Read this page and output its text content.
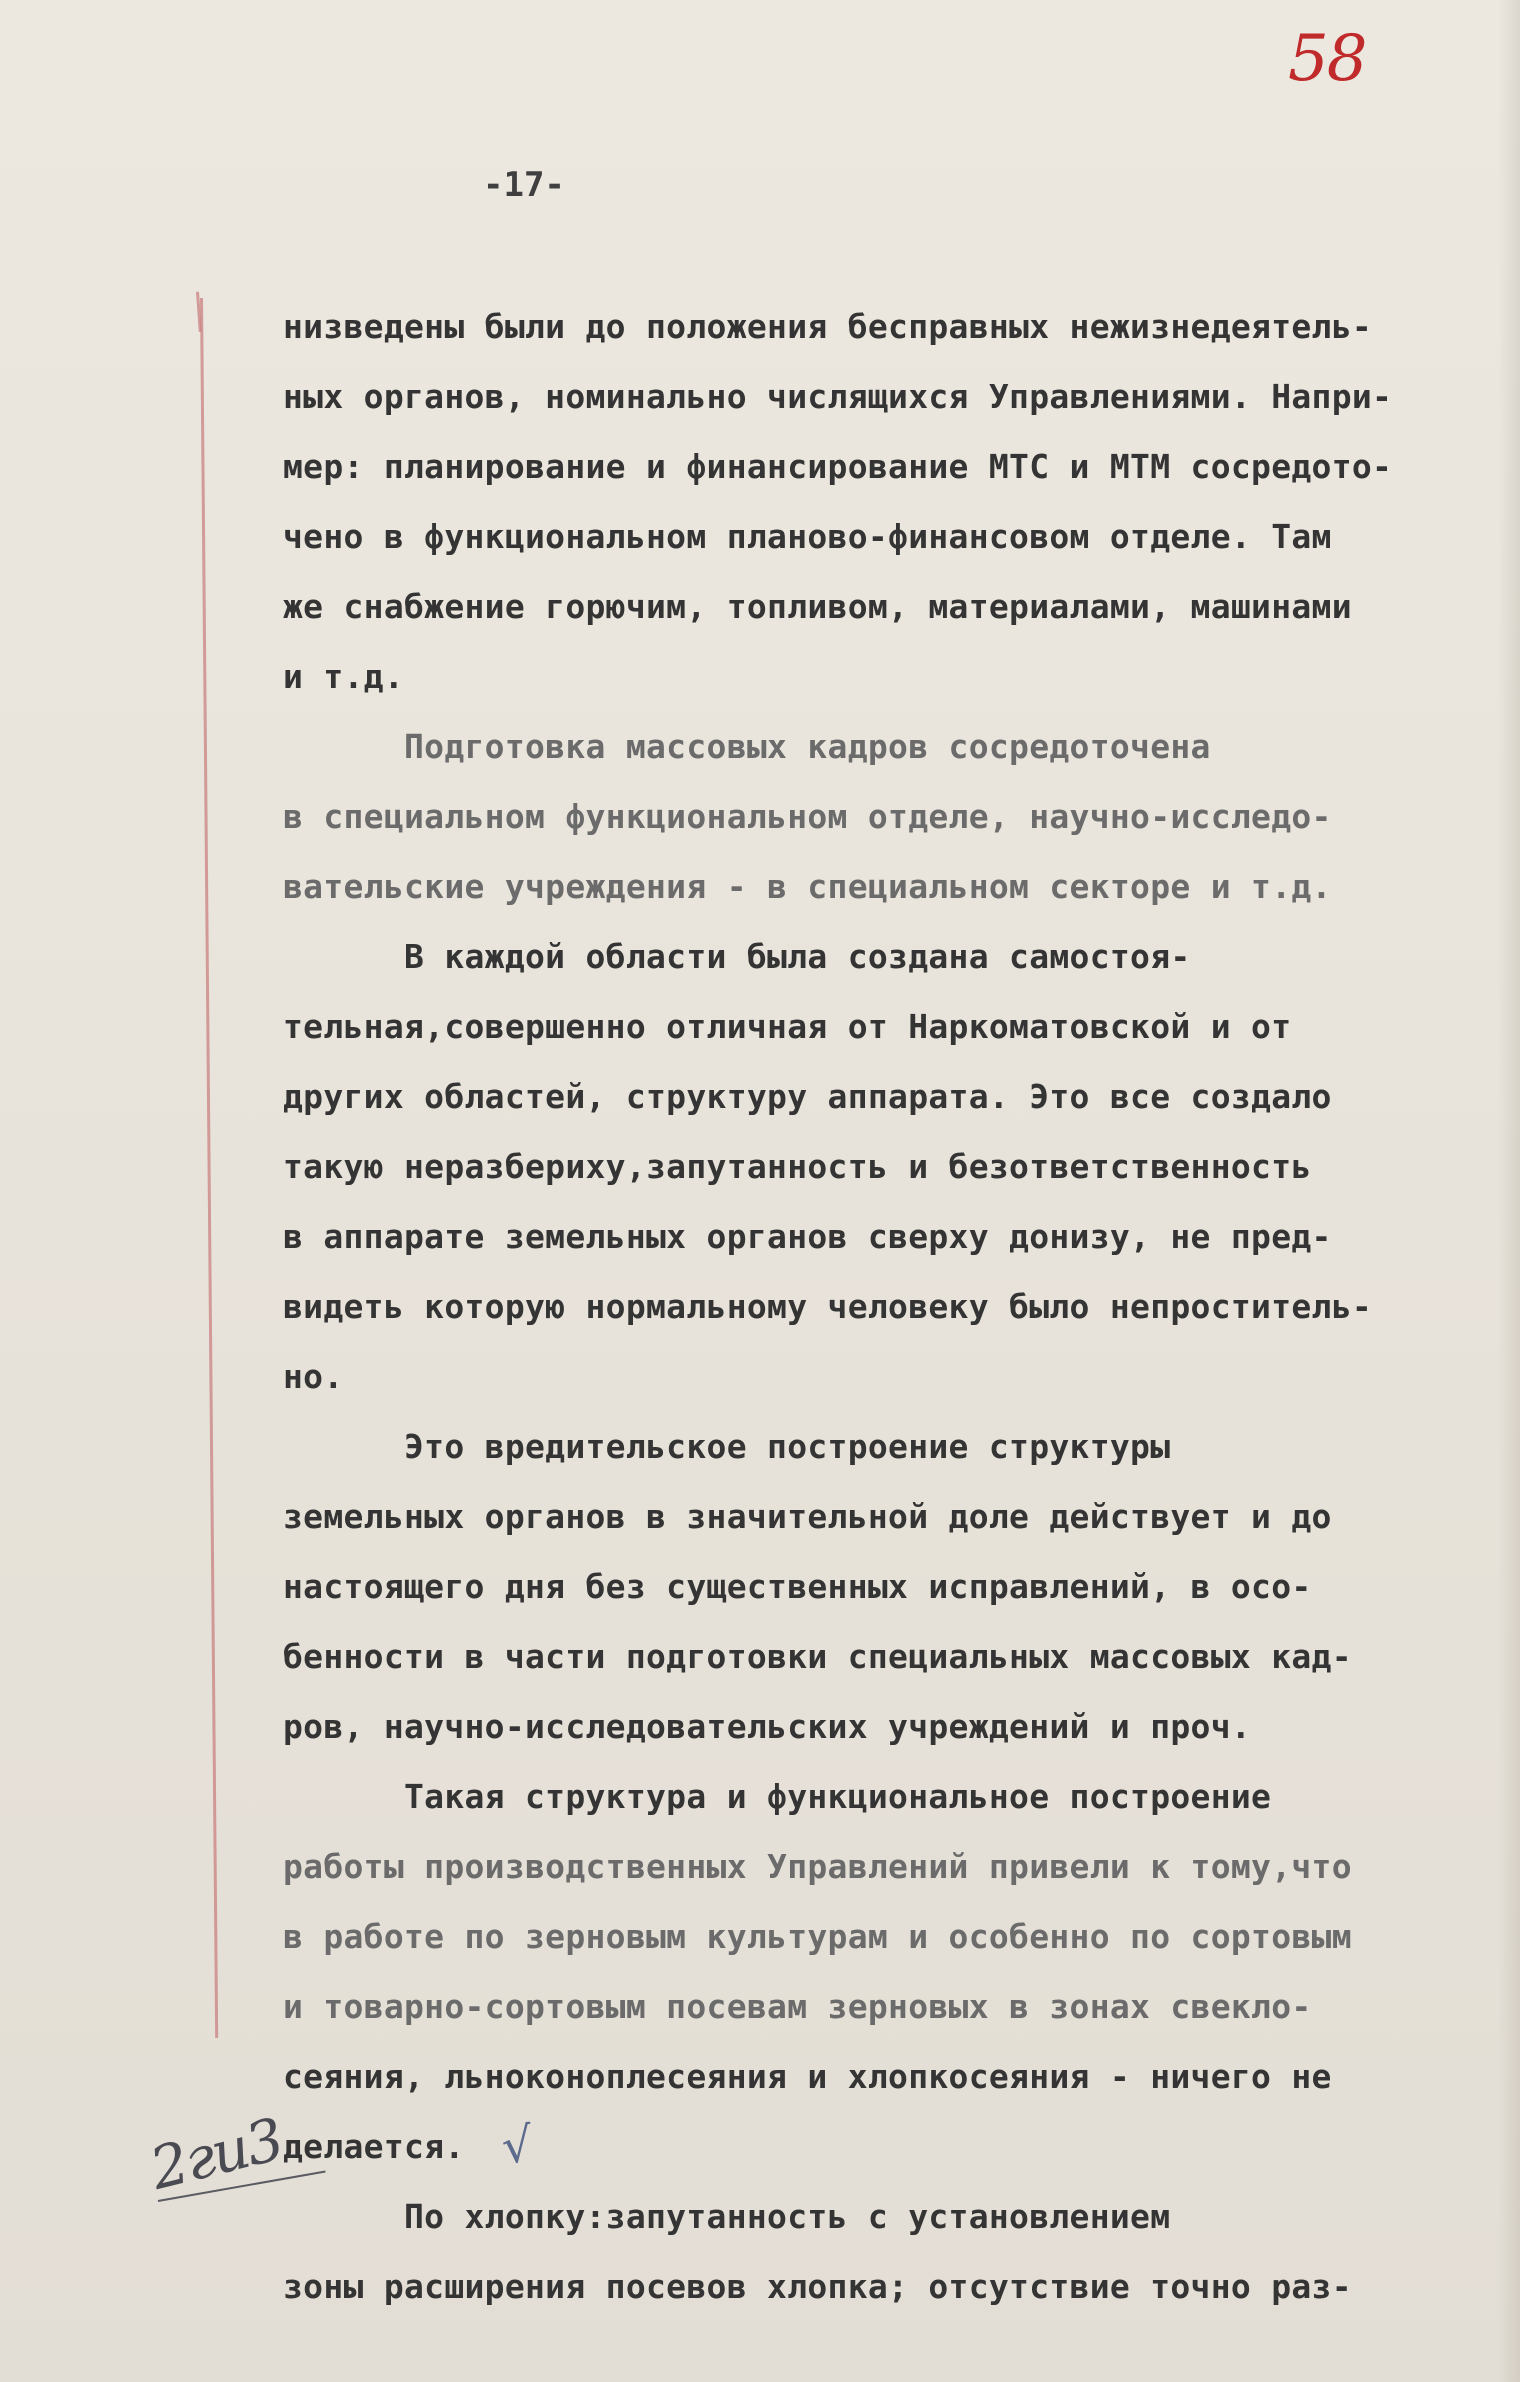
58
-17-
низведены были до положения бесправных нежизнедеятель-
ных органов, номинально числящихся Управлениями. Напри-
мер: планирование и финансирование МТС и МТМ сосредото-
чено в функциональном планово-финансовом отделе. Там
же снабжение горючим, топливом, материалами, машинами
и т.д.
Подготовка массовых кадров сосредоточена
в специальном функциональном отделе, научно-исследо-
вательские учреждения - в специальном секторе и т.д.
В каждой области была создана самостоя-
тельная,совершенно отличная от Наркоматовской и от
других областей, структуру аппарата. Это все создало
такую неразбериху,запутанность и безответственность
в аппарате земельных органов сверху донизу, не пред-
видеть которую нормальному человеку было непроститель-
но.
Это вредительское построение структуры
земельных органов в значительной доле действует и до
настоящего дня без существенных исправлений, в осо-
бенности в части подготовки специальных массовых кад-
ров, научно-исследовательских учреждений и проч.
Такая структура и функциональное построение
работы производственных Управлений привели к тому,что
в работе по зерновым культурам и особенно по сортовым
и товарно-сортовым посевам зерновых в зонах свекло-
сеяния, льноконоплесеяния и хлопкосеяния - ничего не
делается.
По хлопку:запутанность с установлением
зоны расширения посевов хлопка; отсутствие точно раз-
√
2ги3
